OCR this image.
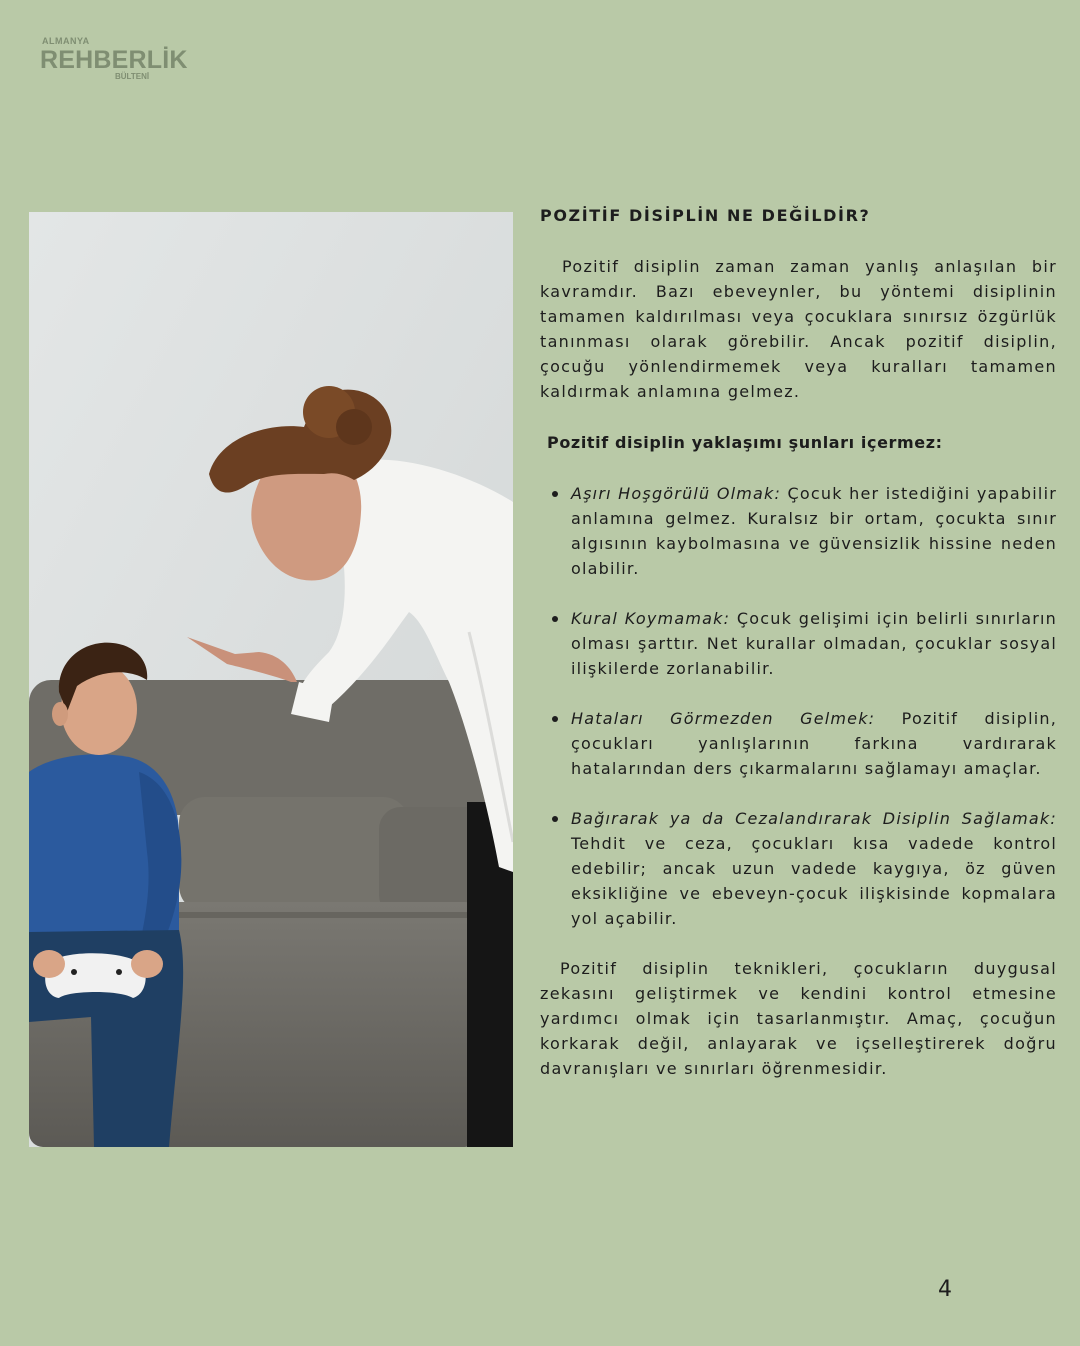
ALMANYA
REHBERLİK
BÜLTENİ
POZİTİF DİSİPLİN NE DEĞİLDİR?

Pozitif disiplin zaman zaman yanlış anlaşılan bir kavramdır. Bazı ebeveynler, bu yöntemi disiplinin tamamen kaldırılması veya çocuklara sınırsız özgürlük tanınması olarak görebilir. Ancak pozitif disiplin, çocuğu yönlendirmemek veya kuralları tamamen kaldırmak anlamına gelmez.

Pozitif disiplin yaklaşımı şunları içermez:
Aşırı Hoşgörülü Olmak: Çocuk her istediğini yapabilir anlamına gelmez. Kuralsız bir ortam, çocukta sınır algısının kaybolmasına ve güvensizlik hissine neden olabilir.
Kural Koymamak: Çocuk gelişimi için belirli sınırların olması şarttır. Net kurallar olmadan, çocuklar sosyal ilişkilerde zorlanabilir.
Hataları Görmezden Gelmek: Pozitif disiplin, çocukları yanlışlarının farkına vardırarak hatalarından ders çıkarmalarını sağlamayı amaçlar.
Bağırarak ya da Cezalandırarak Disiplin Sağlamak: Tehdit ve ceza, çocukları kısa vadede kontrol edebilir; ancak uzun vadede kaygıya, öz güven eksikliğine ve ebeveyn-çocuk ilişkisinde kopmalara yol açabilir.

Pozitif disiplin teknikleri, çocukların duygusal zekasını geliştirmek ve kendini kontrol etmesine yardımcı olmak için tasarlanmıştır. Amaç, çocuğun korkarak değil, anlayarak ve içselleştirerek doğru davranışları ve sınırları öğrenmesidir.

4
